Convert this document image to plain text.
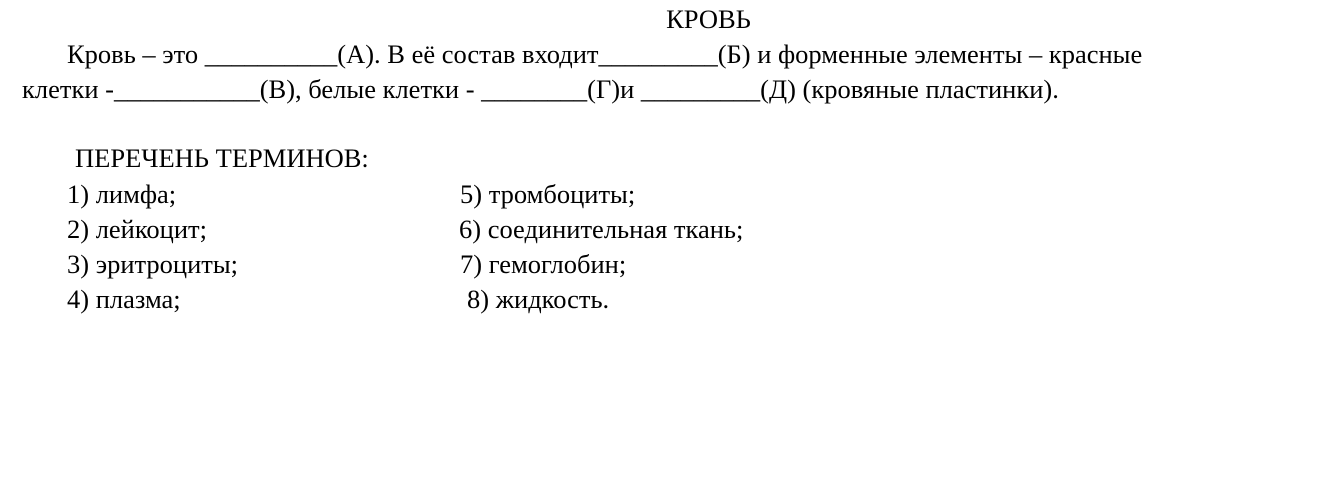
КРОВЬ
Кровь – это __________(А). В её состав входит_________(Б) и форменные элементы – красные
клетки -___________(В), белые клетки - ________(Г)и _________(Д) (кровяные пластинки).
ПЕРЕЧЕНЬ ТЕРМИНОВ:
1) лимфа;
2) лейкоцит;
3) эритроциты;
4) плазма;
5) тромбоциты;
6) соединительная ткань;
7) гемоглобин;
8) жидкость.
